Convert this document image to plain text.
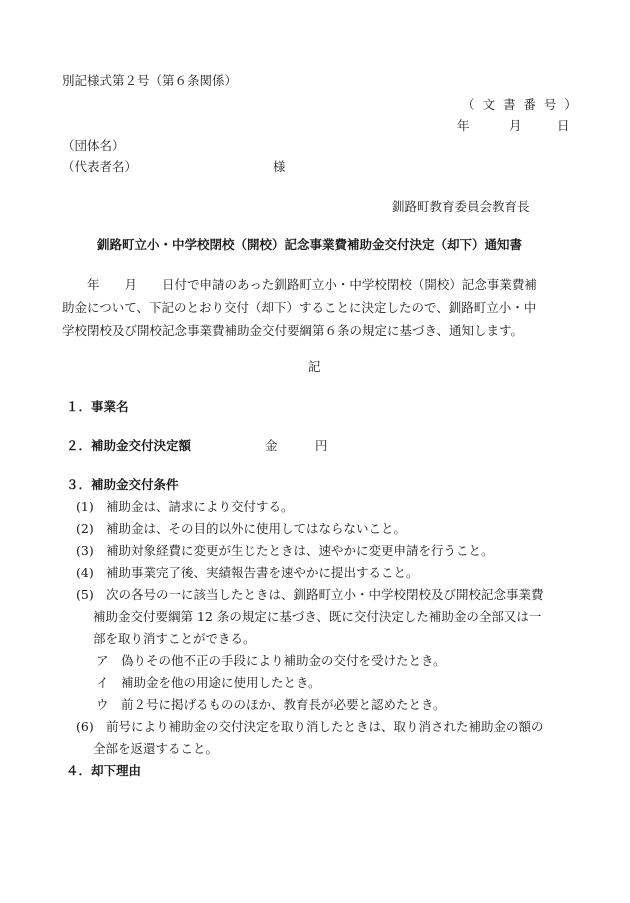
別記様式第２号（第６条関係）
（ 文 書 番 号 ）
年	月	日
（団体名）
（代表者名）	様
釧路町教育委員会教育長
釧路町立小・中学校閉校（開校）記念事業費補助金交付決定（却下）通知書
　　年　　月　　日付で申請のあった釧路町立小・中学校閉校（開校）記念事業費補
助金について、下記のとおり交付（却下）することに決定したので、釧路町立小・中
学校閉校及び開校記念事業費補助金交付要綱第６条の規定に基づき、通知します。
記
１．事業名
２．補助金交付決定額	金	円
３．補助金交付条件
(1) 補助金は、請求により交付する。
(2) 補助金は、その目的以外に使用してはならないこと。
(3) 補助対象経費に変更が生じたときは、速やかに変更申請を行うこと。
(4) 補助事業完了後、実績報告書を速やかに提出すること。
(5) 次の各号の一に該当したときは、釧路町立小・中学校閉校及び開校記念事業費
補助金交付要綱第 12 条の規定に基づき、既に交付決定した補助金の全部又は一
部を取り消すことができる。
ア 偽りその他不正の手段により補助金の交付を受けたとき。
イ 補助金を他の用途に使用したとき。
ウ 前２号に掲げるもののほか、教育長が必要と認めたとき。
(6) 前号により補助金の交付決定を取り消したときは、取り消された補助金の額の
全部を返還すること。
４．却下理由
